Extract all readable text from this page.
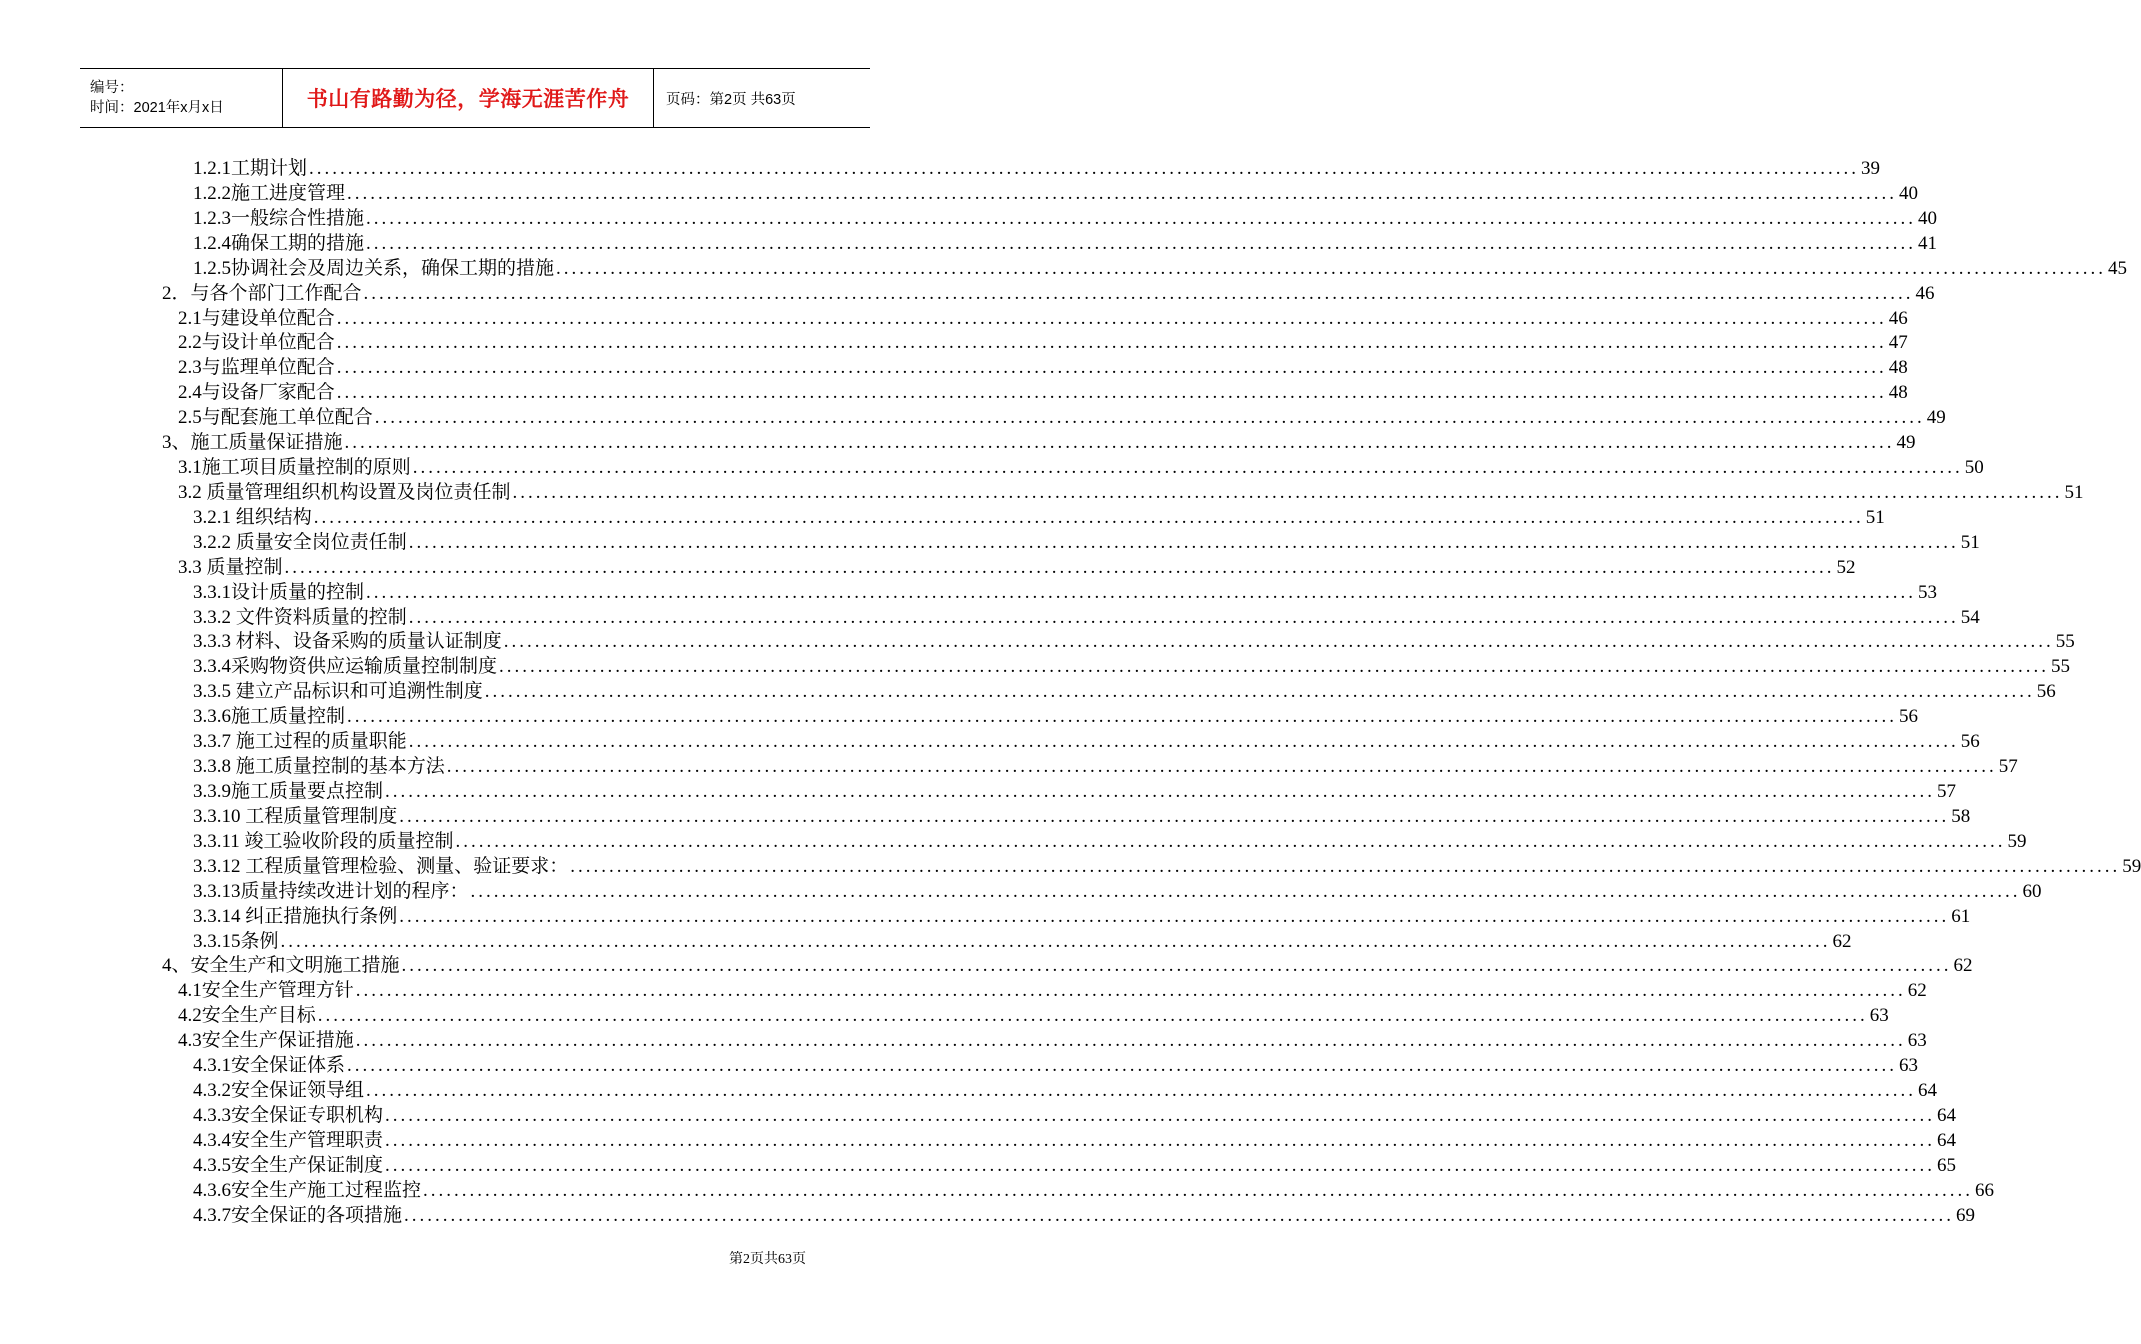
编号：
时间：2021年x月x日	书山有路勤为径，学海无涯苦作舟	页码：第2页 共63页
1.2.1工期计划 ........................................................................................................................................................................................................ 39
1.2.2施工进度管理 ........................................................................................................................................................................................................ 40
1.2.3一般综合性措施 ........................................................................................................................................................................................................ 40
1.2.4确保工期的措施 ........................................................................................................................................................................................................ 41
1.2.5协调社会及周边关系，确保工期的措施 ........................................................................................................................................................................................................ 45
2．与各个部门工作配合 ........................................................................................................................................................................................................ 46
2.1与建设单位配合 ........................................................................................................................................................................................................ 46
2.2与设计单位配合 ........................................................................................................................................................................................................ 47
2.3与监理单位配合 ........................................................................................................................................................................................................ 48
2.4与设备厂家配合 ........................................................................................................................................................................................................ 48
2.5与配套施工单位配合 ........................................................................................................................................................................................................ 49
3、施工质量保证措施 ........................................................................................................................................................................................................ 49
3.1施工项目质量控制的原则 ........................................................................................................................................................................................................ 50
3.2 质量管理组织机构设置及岗位责任制 ........................................................................................................................................................................................................ 51
3.2.1 组织结构 ........................................................................................................................................................................................................ 51
3.2.2 质量安全岗位责任制 ........................................................................................................................................................................................................ 51
3.3 质量控制 ........................................................................................................................................................................................................ 52
3.3.1设计质量的控制 ........................................................................................................................................................................................................ 53
3.3.2 文件资料质量的控制 ........................................................................................................................................................................................................ 54
3.3.3 材料、设备采购的质量认证制度 ........................................................................................................................................................................................................ 55
3.3.4采购物资供应运输质量控制制度 ........................................................................................................................................................................................................ 55
3.3.5 建立产品标识和可追溯性制度 ........................................................................................................................................................................................................ 56
3.3.6施工质量控制 ........................................................................................................................................................................................................ 56
3.3.7 施工过程的质量职能 ........................................................................................................................................................................................................ 56
3.3.8 施工质量控制的基本方法 ........................................................................................................................................................................................................ 57
3.3.9施工质量要点控制 ........................................................................................................................................................................................................ 57
3.3.10 工程质量管理制度 ........................................................................................................................................................................................................ 58
3.3.11 竣工验收阶段的质量控制 ........................................................................................................................................................................................................ 59
3.3.12 工程质量管理检验、测量、验证要求： ........................................................................................................................................................................................................ 59
3.3.13质量持续改进计划的程序： ........................................................................................................................................................................................................ 60
3.3.14 纠正措施执行条例 ........................................................................................................................................................................................................ 61
3.3.15条例 ........................................................................................................................................................................................................ 62
4、安全生产和文明施工措施 ........................................................................................................................................................................................................ 62
4.1安全生产管理方针 ........................................................................................................................................................................................................ 62
4.2安全生产目标 ........................................................................................................................................................................................................ 63
4.3安全生产保证措施 ........................................................................................................................................................................................................ 63
4.3.1安全保证体系 ........................................................................................................................................................................................................ 63
4.3.2安全保证领导组 ........................................................................................................................................................................................................ 64
4.3.3安全保证专职机构 ........................................................................................................................................................................................................ 64
4.3.4安全生产管理职责 ........................................................................................................................................................................................................ 64
4.3.5安全生产保证制度 ........................................................................................................................................................................................................ 65
4.3.6安全生产施工过程监控 ........................................................................................................................................................................................................ 66
4.3.7安全保证的各项措施 ........................................................................................................................................................................................................ 69
第2页共63页
